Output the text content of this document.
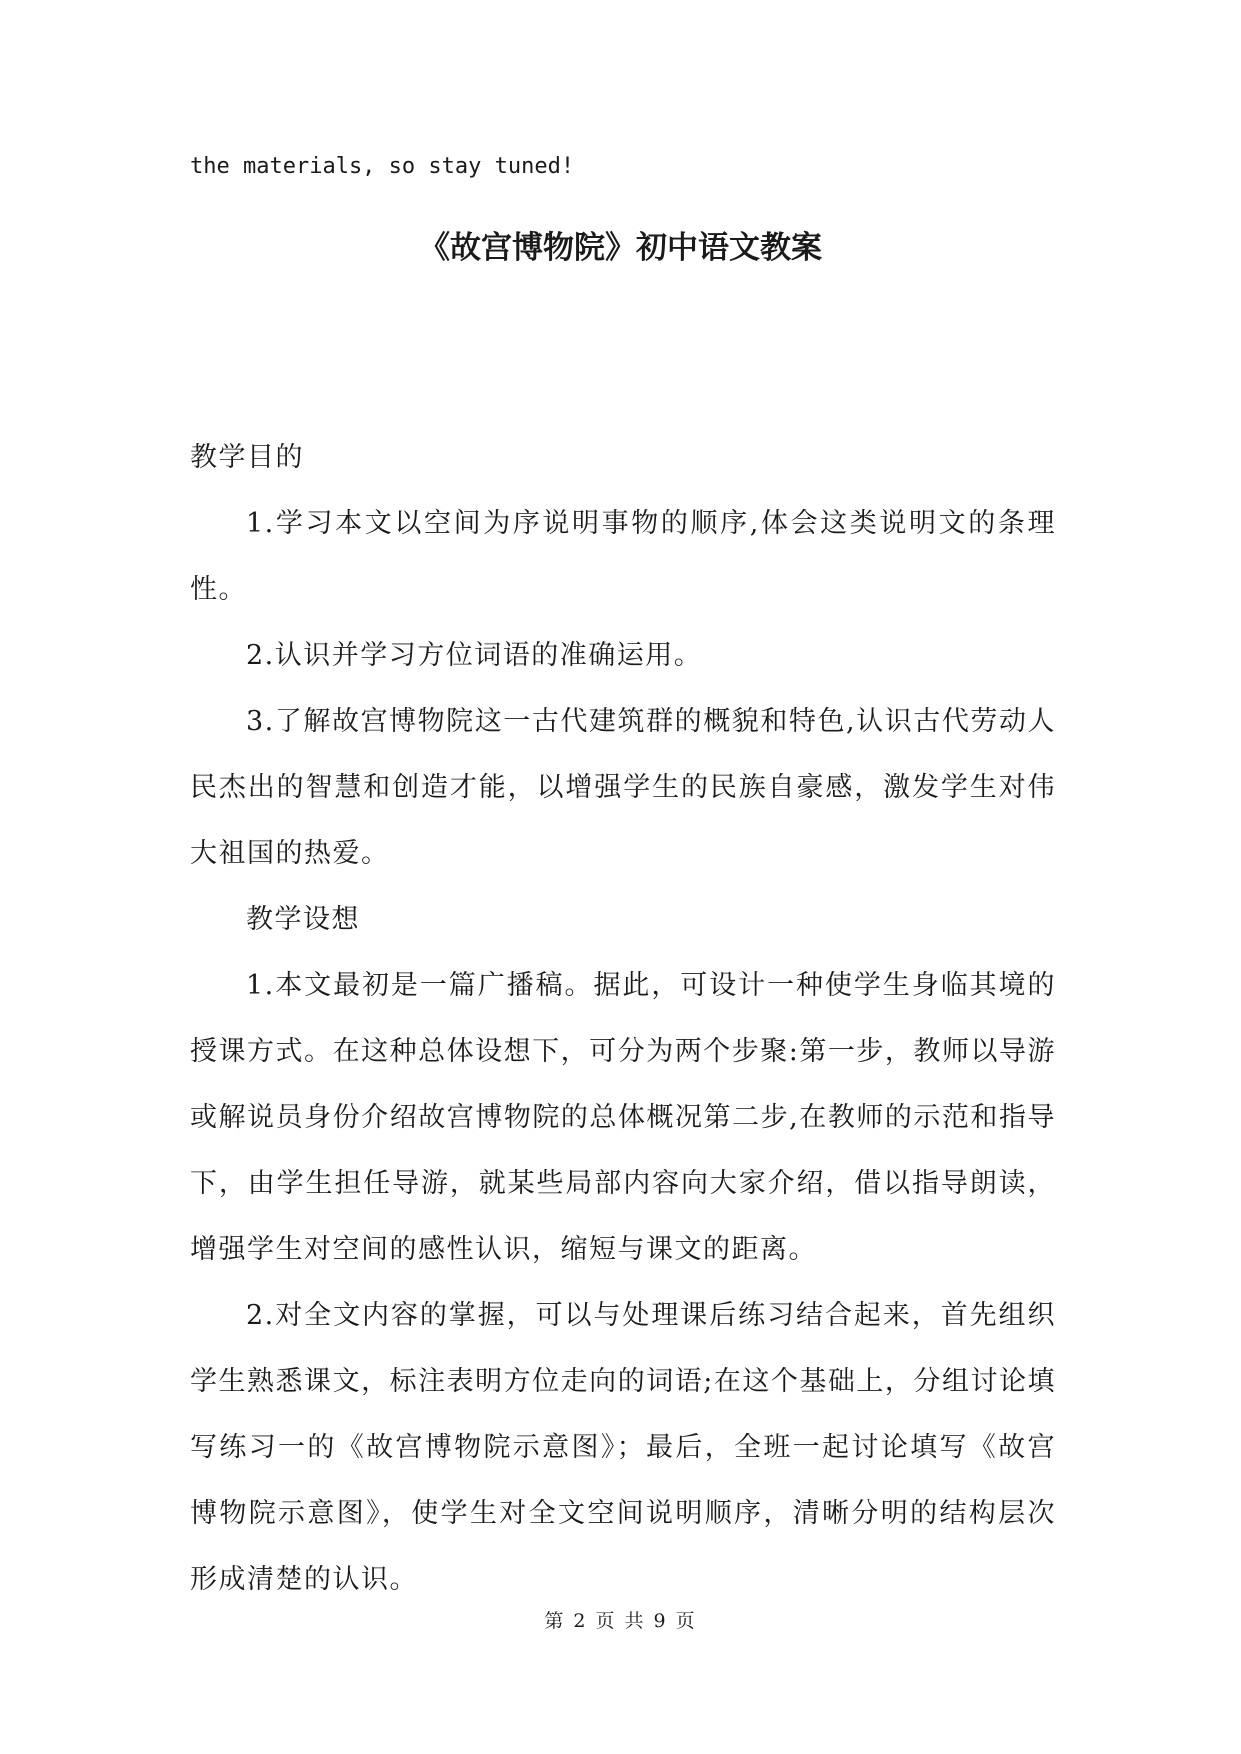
the materials, so stay tuned!

《故宫博物院》初中语文教案

教学目的

1.学习本文以空间为序说明事物的顺序,体会这类说明文的条理性。

2.认识并学习方位词语的准确运用。

3.了解故宫博物院这一古代建筑群的概貌和特色,认识古代劳动人民杰出的智慧和创造才能，以增强学生的民族自豪感，激发学生对伟大祖国的热爱。

教学设想

1.本文最初是一篇广播稿。据此，可设计一种使学生身临其境的授课方式。在这种总体设想下，可分为两个步聚:第一步，教师以导游或解说员身份介绍故宫博物院的总体概况第二步,在教师的示范和指导下，由学生担任导游，就某些局部内容向大家介绍，借以指导朗读，增强学生对空间的感性认识，缩短与课文的距离。

2.对全文内容的掌握，可以与处理课后练习结合起来，首先组织学生熟悉课文，标注表明方位走向的词语;在这个基础上，分组讨论填写练习一的《故宫博物院示意图》；最后，全班一起讨论填写《故宫博物院示意图》，使学生对全文空间说明顺序，清晰分明的结构层次形成清楚的认识。

第 2 页 共 9 页
